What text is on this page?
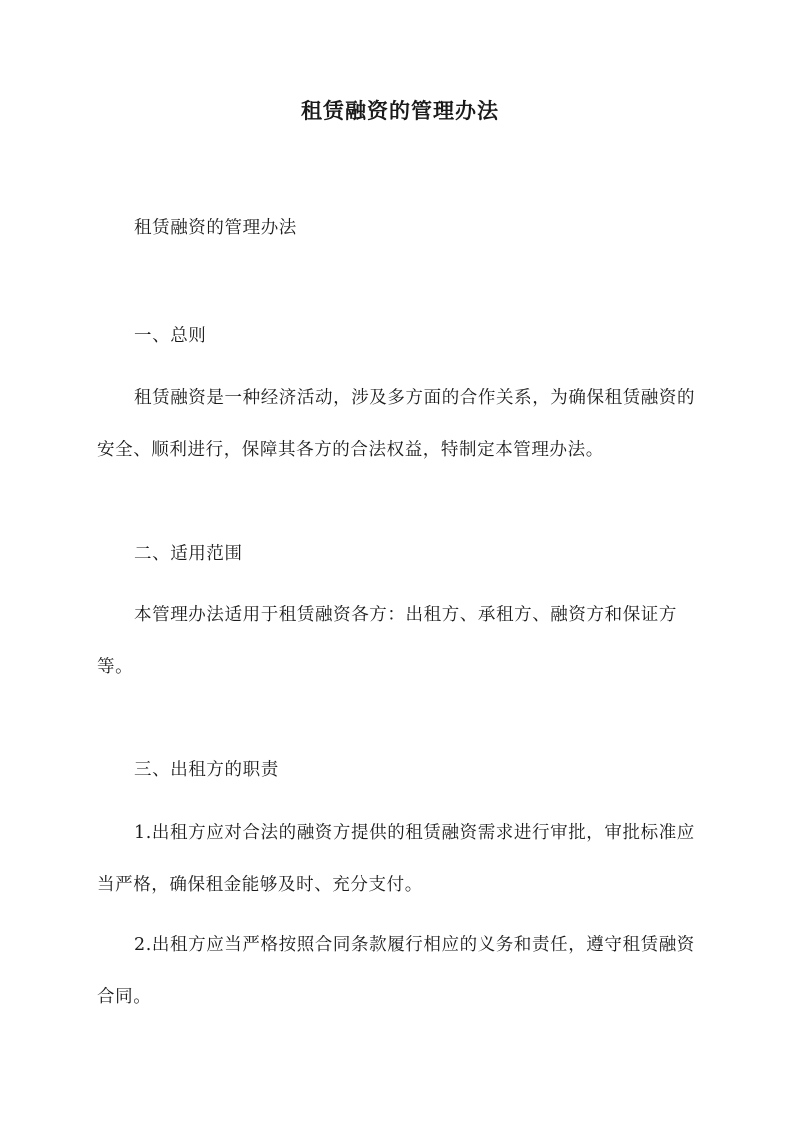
租赁融资的管理办法

租赁融资的管理办法

一、总则

租赁融资是一种经济活动，涉及多方面的合作关系，为确保租赁融资的安全、顺利进行，保障其各方的合法权益，特制定本管理办法。

二、适用范围

本管理办法适用于租赁融资各方：出租方、承租方、融资方和保证方等。

三、出租方的职责

1.出租方应对合法的融资方提供的租赁融资需求进行审批，审批标准应当严格，确保租金能够及时、充分支付。

2.出租方应当严格按照合同条款履行相应的义务和责任，遵守租赁融资合同。
